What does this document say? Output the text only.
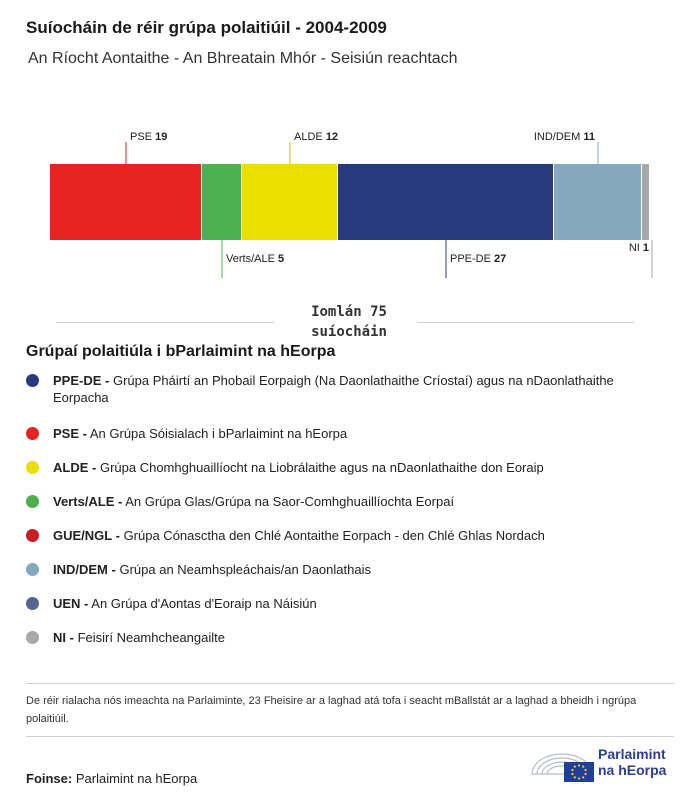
Suíocháin de réir grúpa polaitiúil - 2004-2009

An Ríocht Aontaithe - An Bhreatain Mhór - Seisiún reachtach

PSE 19
Verts/ALE 5
ALDE 12
PPE-DE 27
IND/DEM 11
NI 1
Iomlán 75
suíocháin
Grúpaí polaitiúla i bParlaimint na hEorpa
PPE-DE - Grúpa Pháirtí an Phobail Eorpaigh (Na Daonlathaithe Críostaí) agus na nDaonlathaithe Eorpacha
PSE - An Grúpa Sóisialach i bParlaimint na hEorpa
ALDE - Grúpa Chomhghuaillíocht na Liobrálaithe agus na nDaonlathaithe don Eoraip
Verts/ALE - An Grúpa Glas/Grúpa na Saor-Comhghuaillíochta Eorpaí
GUE/NGL - Grúpa Cónasctha den Chlé Aontaithe Eorpach - den Chlé Ghlas Nordach
IND/DEM - Grúpa an Neamhspleáchais/an Daonlathais
UEN - An Grúpa d'Aontas d'Eoraip na Náisiún
NI - Feisirí Neamhcheangailte

De réir rialacha nós imeachta na Parlaiminte, 23 Fheisire ar a laghad atá tofa i seacht mBallstát ar a laghad a bheidh i ngrúpa polaitiúil.

Foinse: Parlaimint na hEorpa

Parlaimint
na hEorpa
